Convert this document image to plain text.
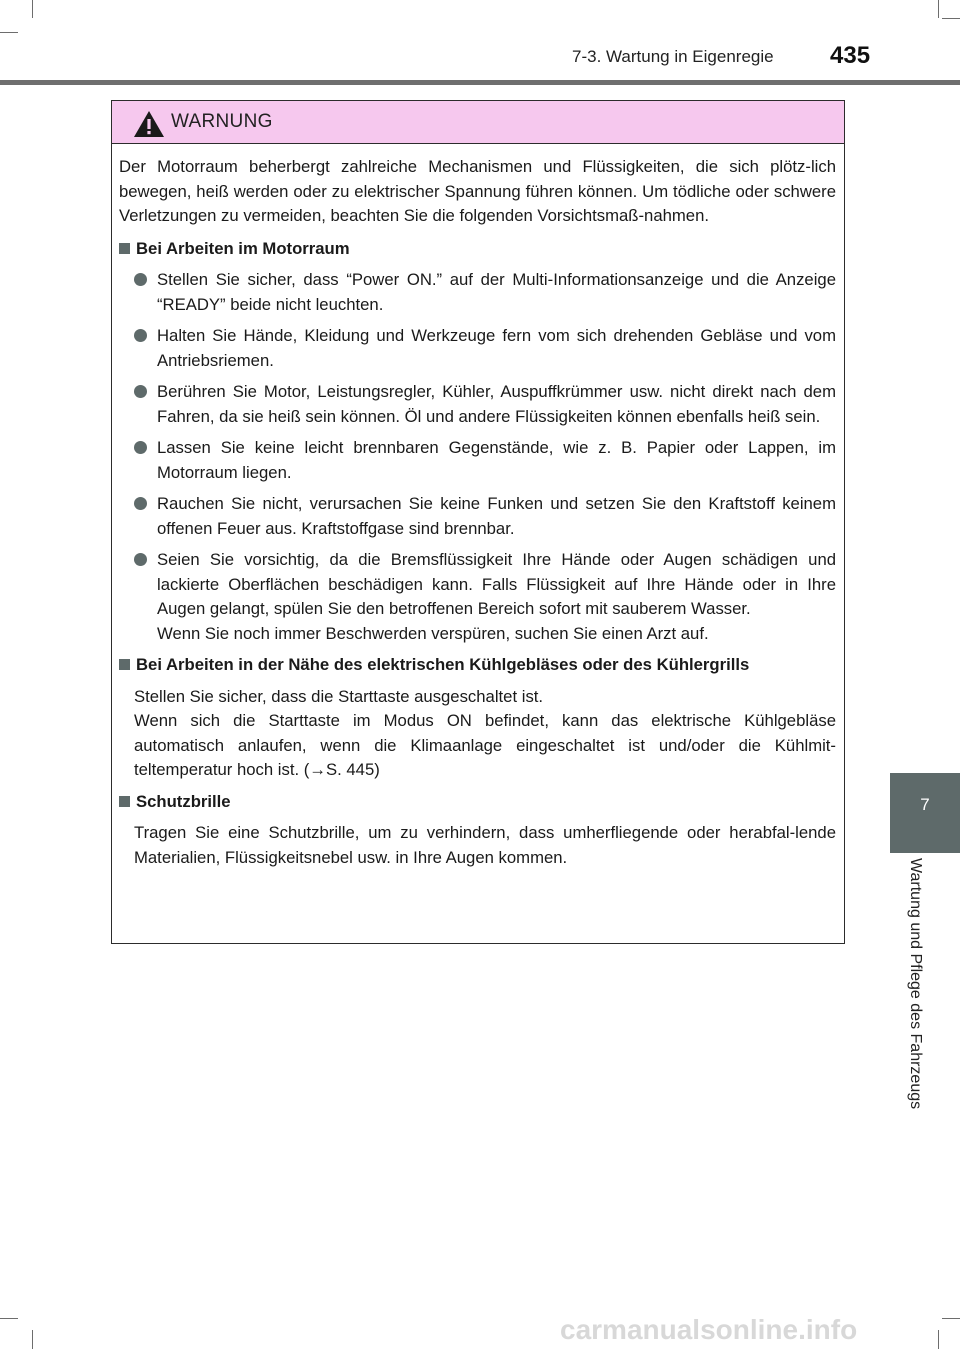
7-3. Wartung in Eigenregie 435
7
Wartung und Pflege des Fahrzeugs
WARNUNG
Der Motorraum beherbergt zahlreiche Mechanismen und Flüssigkeiten, die sich plötz-lich bewegen, heiß werden oder zu elektrischer Spannung führen können. Um tödliche oder schwere Verletzungen zu vermeiden, beachten Sie die folgenden Vorsichtsmaß-nahmen.
Bei Arbeiten im Motorraum
Stellen Sie sicher, dass “Power ON.” auf der Multi-Informationsanzeige und die Anzeige “READY” beide nicht leuchten.
Halten Sie Hände, Kleidung und Werkzeuge fern vom sich drehenden Gebläse und vom Antriebsriemen.
Berühren Sie Motor, Leistungsregler, Kühler, Auspuffkrümmer usw. nicht direkt nach dem Fahren, da sie heiß sein können. Öl und andere Flüssigkeiten können ebenfalls heiß sein.
Lassen Sie keine leicht brennbaren Gegenstände, wie z. B. Papier oder Lappen, im Motorraum liegen.
Rauchen Sie nicht, verursachen Sie keine Funken und setzen Sie den Kraftstoff keinem offenen Feuer aus. Kraftstoffgase sind brennbar.
Seien Sie vorsichtig, da die Bremsflüssigkeit Ihre Hände oder Augen schädigen und lackierte Oberflächen beschädigen kann. Falls Flüssigkeit auf Ihre Hände oder in Ihre Augen gelangt, spülen Sie den betroffenen Bereich sofort mit sauberem Wasser.
Wenn Sie noch immer Beschwerden verspüren, suchen Sie einen Arzt auf.
Bei Arbeiten in der Nähe des elektrischen Kühlgebläses oder des Kühlergrills
Stellen Sie sicher, dass die Starttaste ausgeschaltet ist.
Wenn sich die Starttaste im Modus ON befindet, kann das elektrische Kühlgebläse automatisch anlaufen, wenn die Klimaanlage eingeschaltet ist und/oder die Kühlmit-teltemperatur hoch ist. (→S. 445)
Schutzbrille
Tragen Sie eine Schutzbrille, um zu verhindern, dass umherfliegende oder herabfal-lende Materialien, Flüssigkeitsnebel usw. in Ihre Augen kommen.
carmanualsonline.info
